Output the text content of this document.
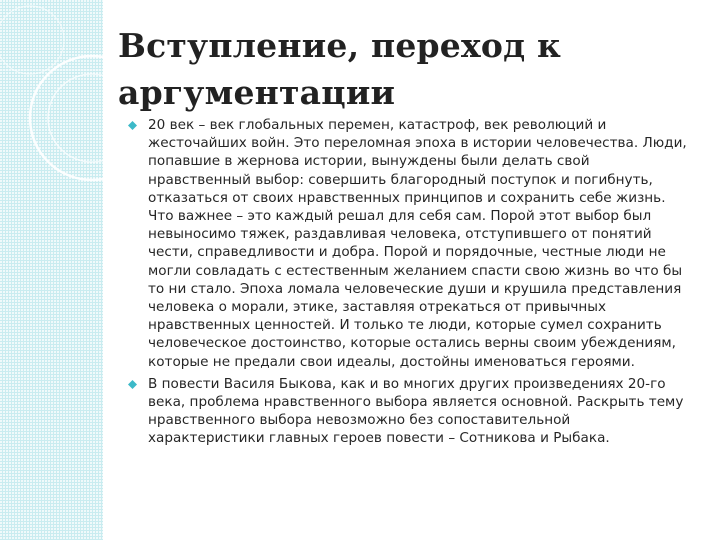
Вступление, переход к аргументации
20 век – век глобальных перемен, катастроф, век революций и жесточайших войн. Это переломная эпоха в истории человечества. Люди, попавшие в жернова истории, вынуждены были делать свой нравственный выбор: совершить благородный поступок и погибнуть, отказаться от своих нравственных принципов и сохранить себе жизнь. Что важнее – это каждый решал для себя сам. Порой этот выбор был невыносимо тяжек, раздавливая человека, отступившего от понятий чести, справедливости и добра. Порой и порядочные, честные люди не могли совладать с естественным желанием спасти свою жизнь во что бы то ни стало. Эпоха ломала человеческие души и крушила представления человека о морали, этике, заставляя отрекаться от привычных нравственных ценностей. И только те люди, которые сумел сохранить человеческое достоинство, которые остались верны своим убеждениям, которые не предали свои идеалы, достойны именоваться героями.
В повести Василя Быкова, как и во многих других произведениях 20-го века, проблема нравственного выбора является основной. Раскрыть тему нравственного выбора невозможно без сопоставительной характеристики главных героев повести – Сотникова и Рыбака.
